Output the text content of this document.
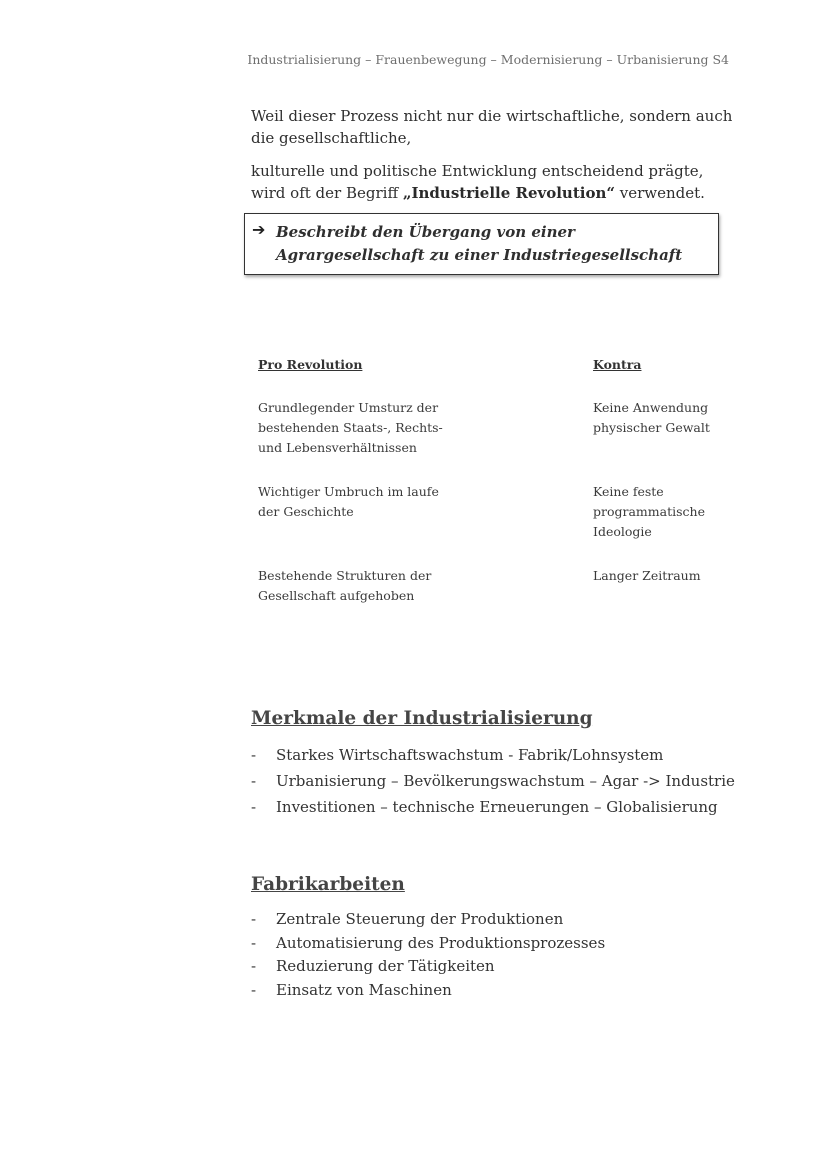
Industrialisierung – Frauenbewegung – Modernisierung – Urbanisierung S4

Weil dieser Prozess nicht nur die wirtschaftliche, sondern auch die gesellschaftliche,

kulturelle und politische Entwicklung entscheidend prägte, wird oft der Begriff „Industrielle Revolution“ verwendet.

➔ Beschreibt den Übergang von einer Agrargesellschaft zu einer Industriegesellschaft
Pro Revolution
Grundlegender Umsturz der bestehenden Staats-, Rechts- und Lebensverhältnissen
Wichtiger Umbruch im laufe der Geschichte
Bestehende Strukturen der Gesellschaft aufgehoben
Kontra
Keine Anwendung physischer Gewalt
Keine feste programmatische Ideologie
Langer Zeitraum
Merkmale der Industrialisierung
- Starkes Wirtschaftswachstum - Fabrik/Lohnsystem
- Urbanisierung – Bevölkerungswachstum – Agar -> Industrie
- Investitionen – technische Erneuerungen – Globalisierung
Fabrikarbeiten
- Zentrale Steuerung der Produktionen
- Automatisierung des Produktionsprozesses
- Reduzierung der Tätigkeiten
- Einsatz von Maschinen
